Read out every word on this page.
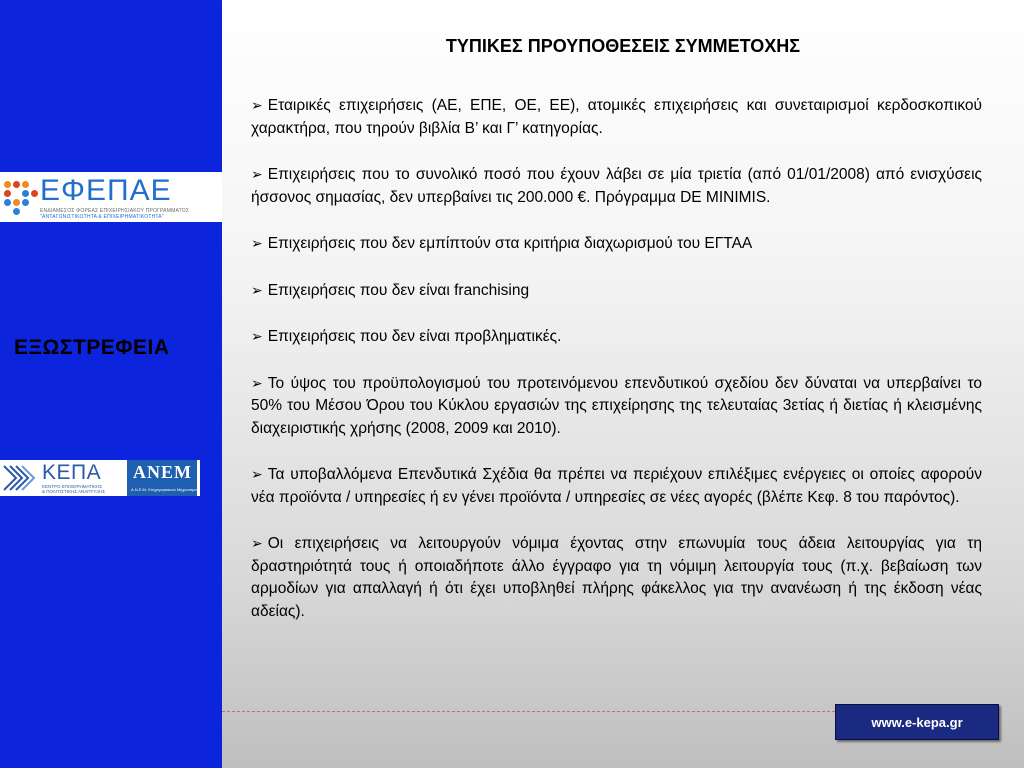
ΕΦΕΠΑΕ
ΕΝΔΙΑΜΕΣΟΣ ΦΟΡΕΑΣ ΕΠΙΧΕΙΡΗΣΙΑΚΟΥ ΠΡΟΓΡΑΜΜΑΤΟΣ
"ΑΝΤΑΓΩΝΙΣΤΙΚΟΤΗΤΑ & ΕΠΙΧΕΙΡΗΜΑΤΙΚΟΤΗΤΑ"
ΕΞΩΣΤΡΕΦΕΙΑ
ΚΕΠΑ
ΚΕΝΤΡΟ ΕΠΙΧΕΙΡΗΜΑΤΙΚΗΣ
& ΠΟΛΙΤΙΣΤΙΚΗΣ ΑΝΑΠΤΥΞΗΣ
ΑΝΕΜ
Α.Ν.Ε.Μ. Επιχειρησιακού Μηχανισμού
ΤΥΠΙΚΕΣ ΠΡΟΥΠΟΘΕΣΕΙΣ ΣΥΜΜΕΤΟΧΗΣ
➢ Εταιρικές επιχειρήσεις (ΑΕ, ΕΠΕ, ΟΕ, ΕΕ), ατομικές επιχειρήσεις και συνεταιρισμοί κερδοσκοπικού χαρακτήρα, που τηρούν βιβλία Β’ και Γ’ κατηγορίας.
➢ Επιχειρήσεις που το συνολικό ποσό που έχουν λάβει σε μία τριετία (από 01/01/2008) από ενισχύσεις ήσσονος σημασίας, δεν υπερβαίνει τις 200.000 €. Πρόγραμμα DE MINIMIS.
➢ Επιχειρήσεις που δεν εμπίπτούν στα κριτήρια διαχωρισμού του ΕΓΤΑΑ
➢ Επιχειρήσεις που δεν είναι franchising
➢ Επιχειρήσεις που δεν είναι προβληματικές.
➢ Το ύψος του προϋπολογισμού του προτεινόμενου επενδυτικού σχεδίου δεν δύναται να υπερβαίνει το 50% του Μέσου Όρου του Κύκλου εργασιών της επιχείρησης της τελευταίας 3ετίας ή διετίας ή κλεισμένης διαχειριστικής χρήσης (2008, 2009 και 2010).
➢ Τα υποβαλλόμενα Επενδυτικά Σχέδια θα πρέπει να περιέχουν επιλέξιμες ενέργειες οι οποίες αφορούν νέα προϊόντα / υπηρεσίες ή εν γένει προϊόντα / υπηρεσίες σε νέες αγορές (βλέπε Κεφ. 8 του παρόντος).
➢ Οι επιχειρήσεις να λειτουργούν νόμιμα έχοντας στην επωνυμία τους άδεια λειτουργίας για τη δραστηριότητά τους ή οποιαδήποτε άλλο έγγραφο για τη νόμιμη λειτουργία τους (π.χ. βεβαίωση των αρμοδίων για απαλλαγή ή ότι έχει υποβληθεί πλήρης φάκελλος για την ανανέωση ή της έκδοση νέας αδείας).
www.e-kepa.gr
